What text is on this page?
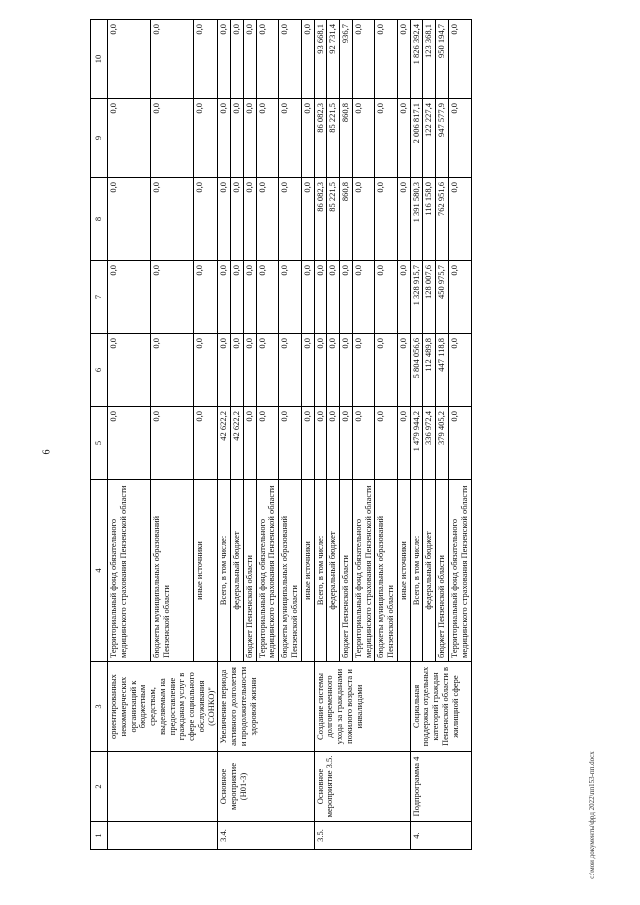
6
с:\мои документы\фрд 2022\пп153-пп.docx
1	2	3	4	5	6	7	8	9	10
		ориентированных некоммерческих организаций к бюджетным средствам, выделяемым на предоставление гражданам услуг в сфере социального обслуживания (СОНКО)"	Территориальный фонд обязательного медицинского страхования Пензенской области	0,0	0,0	0,0	0,0	0,0	0,0
			бюджеты муниципальных образований Пензенской области	0,0	0,0	0,0	0,0	0,0	0,0
			иные источники	0,0	0,0	0,0	0,0	0,0	0,0
3.4.	Основное мероприятие (Н01-3)	Увеличение периода активного долголетия и продолжительности здоровой жизни	Всего, в том числе:	42 622,2	0,0	0,0	0,0	0,0	0,0
			федеральный бюджет	42 622,2	0,0	0,0	0,0	0,0	0,0
			бюджет Пензенской области	0,0	0,0	0,0	0,0	0,0	0,0
			Территориальный фонд обязательного медицинского страхования Пензенской области	0,0	0,0	0,0	0,0	0,0	0,0
			бюджеты муниципальных образований Пензенской области	0,0	0,0	0,0	0,0	0,0	0,0
			иные источники	0,0	0,0	0,0	0,0	0,0	0,0
3.5.	Основное мероприятие 3.5.	Создание системы долговременного ухода за гражданами пожилого возраста и инвалидами	Всего, в том числе:	0,0	0,0	0,0	86 082,3	86 082,3	93 668,1
			федеральный бюджет	0,0	0,0	0,0	85 221,5	85 221,5	92 731,4
			бюджет Пензенской области	0,0	0,0	0,0	860,8	860,8	936,7
			Территориальный фонд обязательного медицинского страхования Пензенской области	0,0	0,0	0,0	0,0	0,0	0,0
			бюджеты муниципальных образований Пензенской области	0,0	0,0	0,0	0,0	0,0	0,0
			иные источники	0,0	0,0	0,0	0,0	0,0	0,0
4.	Подпрограмма 4	Социальная поддержка отдельных категорий граждан Пензенской области в жилищной сфере	Всего, в том числе:	1 479 944,2	5 804 056,6	1 328 915,7	1 391 580,3	2 006 817,1	1 826 392,4
			федеральный бюджет	336 972,4	112 489,8	128 007,6	116 158,0	122 227,4	123 368,1
			бюджет Пензенской области	379 405,2	447 118,8	450 975,7	762 951,6	947 577,9	950 194,7
			Территориальный фонд обязательного медицинского страхования Пензенской области	0,0	0,0	0,0	0,0	0,0	0,0
